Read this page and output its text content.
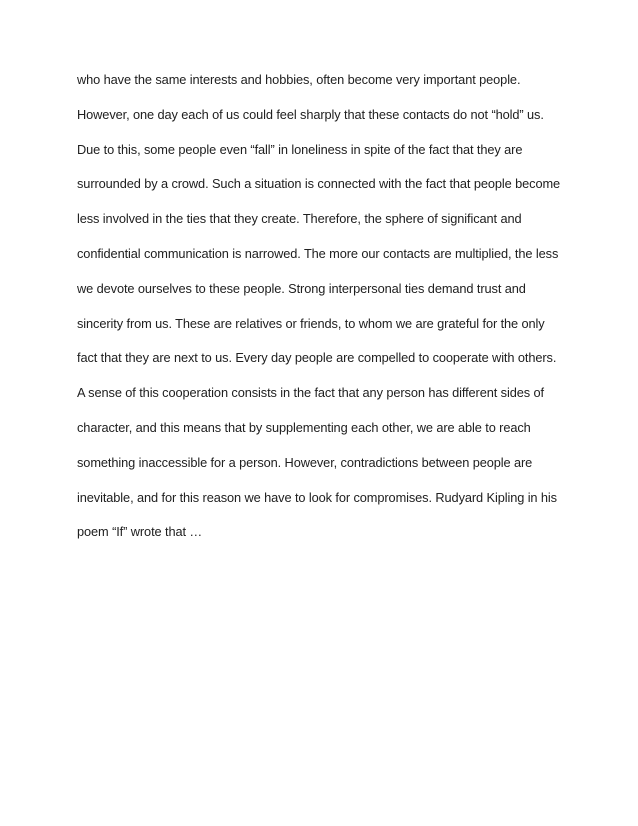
who have the same interests and hobbies, often become very important people.
However, one day each of us could feel sharply that these contacts do not “hold” us.
Due to this, some people even “fall” in loneliness in spite of the fact that they are
surrounded by a crowd. Such a situation is connected with the fact that people become
less involved in the ties that they create. Therefore, the sphere of significant and
confidential communication is narrowed. The more our contacts are multiplied, the less
we devote ourselves to these people. Strong interpersonal ties demand trust and
sincerity from us. These are relatives or friends, to whom we are grateful for the only
fact that they are next to us. Every day people are compelled to cooperate with others.
A sense of this cooperation consists in the fact that any person has different sides of
character, and this means that by supplementing each other, we are able to reach
something inaccessible for a person. However, contradictions between people are
inevitable, and for this reason we have to look for compromises. Rudyard Kipling in his
poem “If” wrote that …
